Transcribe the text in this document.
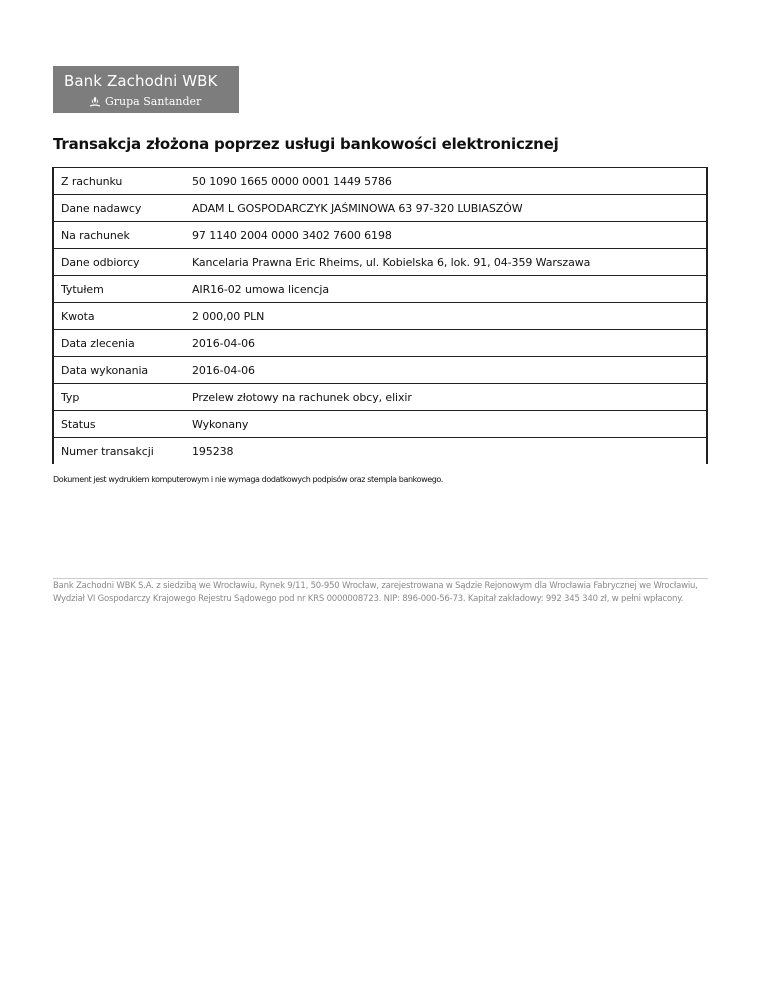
Bank Zachodni WBK
Grupa Santander
Transakcja złożona poprzez usługi bankowości elektronicznej
Z rachunku	50 1090 1665 0000 0001 1449 5786
Dane nadawcy	ADAM L GOSPODARCZYK JAŚMINOWA 63 97-320 LUBIASZÓW
Na rachunek	97 1140 2004 0000 3402 7600 6198
Dane odbiorcy	Kancelaria Prawna Eric Rheims, ul. Kobielska 6, lok. 91, 04-359 Warszawa
Tytułem	AIR16-02 umowa licencja
Kwota	2 000,00 PLN
Data zlecenia	2016-04-06
Data wykonania	2016-04-06
Typ	Przelew złotowy na rachunek obcy, elixir
Status	Wykonany
Numer transakcji	195238
Dokument jest wydrukiem komputerowym i nie wymaga dodatkowych podpisów oraz stempla bankowego.
Bank Zachodni WBK S.A. z siedzibą we Wrocławiu, Rynek 9/11, 50-950 Wrocław, zarejestrowana w Sądzie Rejonowym dla Wrocławia Fabrycznej we Wrocławiu, Wydział VI Gospodarczy Krajowego Rejestru Sądowego pod nr KRS 0000008723. NIP: 896-000-56-73. Kapitał zakładowy: 992 345 340 zł, w pełni wpłacony.
